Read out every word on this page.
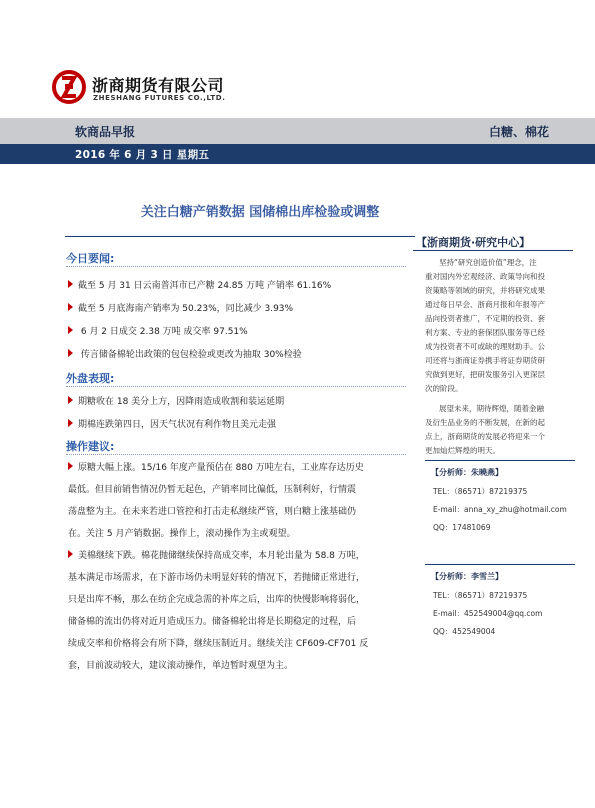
浙商期货有限公司
ZHESHANG FUTURES CO.,LTD.
软商品早报	白糖、棉花
2016 年 6 月 3 日 星期五
关注白糖产销数据 国储棉出库检验或调整
今日要闻:
截至 5 月 31 日云南普洱市已产糖 24.85 万吨 产销率 61.16%
截至 5 月底海南产销率为 50.23%，同比减少 3.93%
6 月 2 日成交 2.38 万吨 成交率 97.51%
传言储备棉轮出政策的包包检验或更改为抽取 30%检验
外盘表现:
期糖收在 18 美分上方，因降雨造成收割和装运延期
期棉连跌第四日，因天气状况有利作物且美元走强
操作建议:
原糖大幅上涨。15/16 年度产量预估在 880 万吨左右，工业库存达历史
最低。但目前销售情况仍暂无起色，产销率同比偏低，压制利好，行情震
荡盘整为主。在未来若进口管控和打击走私继续严管，则白糖上涨基础仍
在。关注 5 月产销数据。操作上，滚动操作为主或观望。
美棉继续下跌。棉花抛储继续保持高成交率，本月轮出量为 58.8 万吨，
基本满足市场需求，在下游市场仍未明显好转的情况下，若抛储正常进行，
只是出库不畅，那么在纺企完成急需的补库之后，出库的快慢影响将弱化，
储备棉的流出仍将对近月造成压力。储备棉轮出将是长期稳定的过程，后
续成交率和价格将会有所下降，继续压制近月。继续关注 CF609-CF701 反
套，目前波动较大，建议滚动操作，单边暂时观望为主。
【浙商期货·研究中心】
坚持“研究创造价值”理念，注
重对国内外宏观经济、政策导向和投
资策略等领域的研究，并将研究成果
通过每日早会、浙商月报和年报等产
品向投资者推广，不定期的投资、套
利方案、专业的套保团队服务等已经
成为投资者不可或缺的理财助手。公
司还将与浙商证券携手将证券期货研
究做到更好，把研发服务引入更深层
次的阶段。
展望未来，期待辉煌，随着金融
及衍生品业务的不断发展，在新的起
点上，浙商期货的发展必将迎来一个
更加灿烂辉煌的明天。
【分析师：朱曉燕】
TEL：（86571）87219375
E-mail：anna_xy_zhu@hotmail.com
QQ：17481069
【分析师：李雪兰】
TEL：（86571）87219375
E-mail：452549004@qq.com
QQ：452549004
